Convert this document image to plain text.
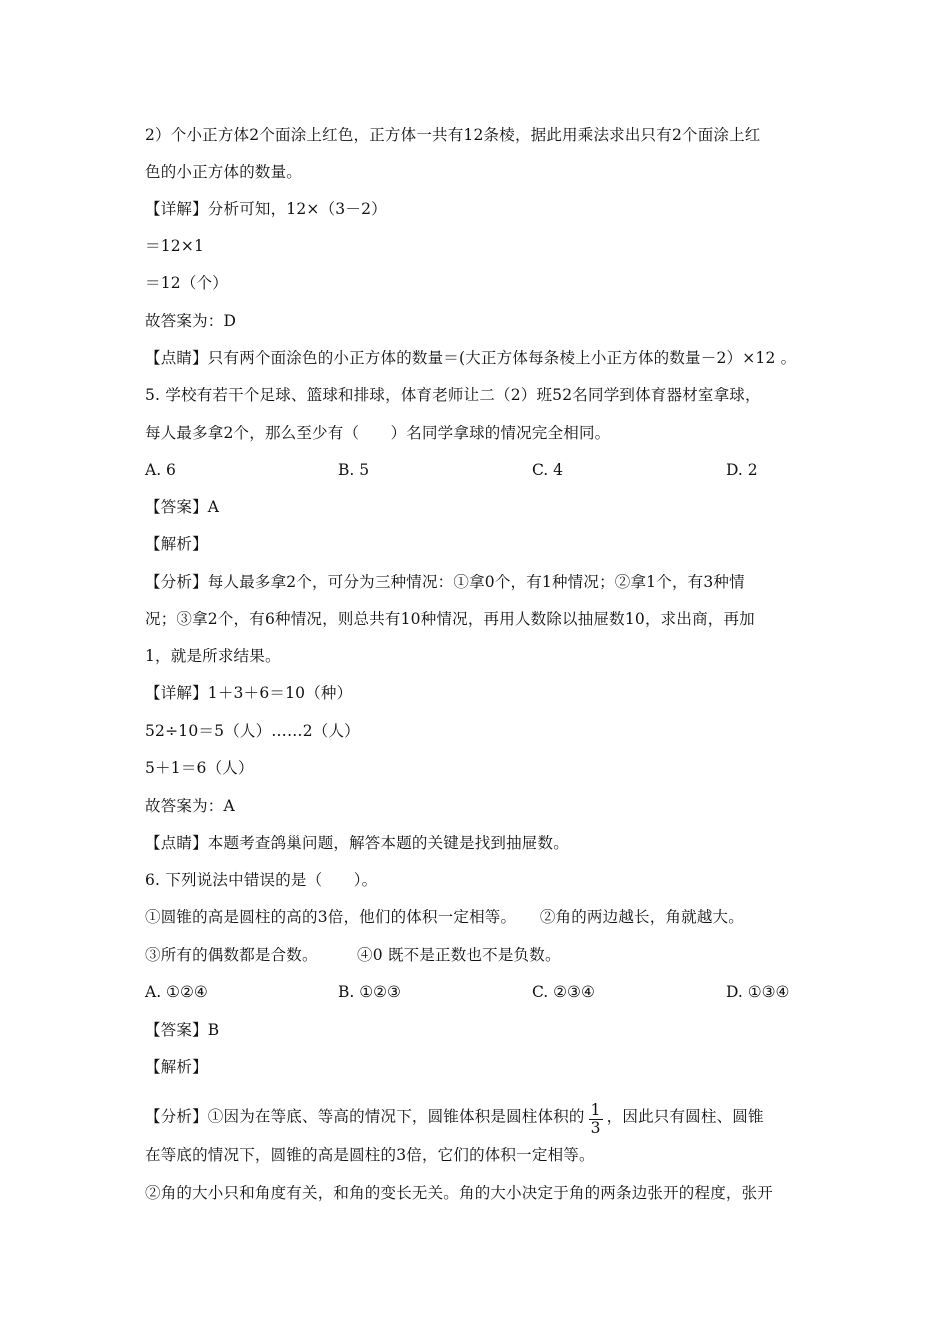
2）个小正方体2个面涂上红色，正方体一共有12条棱，据此用乘法求出只有2个面涂上红
色的小正方体的数量。
【详解】分析可知，12×（3－2）
＝12×1
＝12（个）
故答案为：D
【点睛】只有两个面涂色的小正方体的数量＝(大正方体每条棱上小正方体的数量－2）×12 。
5. 学校有若干个足球、篮球和排球，体育老师让二（2）班52名同学到体育器材室拿球，
每人最多拿2个，那么至少有（　　）名同学拿球的情况完全相同。
A. 6	B. 5	C. 4	D. 2
【答案】A
【解析】
【分析】每人最多拿2个，可分为三种情况：①拿0个，有1种情况；②拿1个，有3种情
况；③拿2个，有6种情况，则总共有10种情况，再用人数除以抽屉数10，求出商，再加
1，就是所求结果。
【详解】1＋3＋6＝10（种）
52÷10＝5（人）……2（人）
5＋1＝6（人）
故答案为：A
【点睛】本题考查鸽巢问题，解答本题的关键是找到抽屉数。
6. 下列说法中错误的是（　　）。
①圆锥的高是圆柱的高的3倍，他们的体积一定相等。　　②角的两边越长，角就越大。
③所有的偶数都是合数。　　　④0 既不是正数也不是负数。
A. ①②④	B. ①②③	C. ②③④	D. ①③④
【答案】B
【解析】
【分析】①因为在等底、等高的情况下，圆锥体积是圆柱体积的 $\frac{1}{3}$ ，因此只有圆柱、圆锥
在等底的情况下，圆锥的高是圆柱的3倍，它们的体积一定相等。
②角的大小只和角度有关，和角的变长无关。角的大小决定于角的两条边张开的程度，张开
